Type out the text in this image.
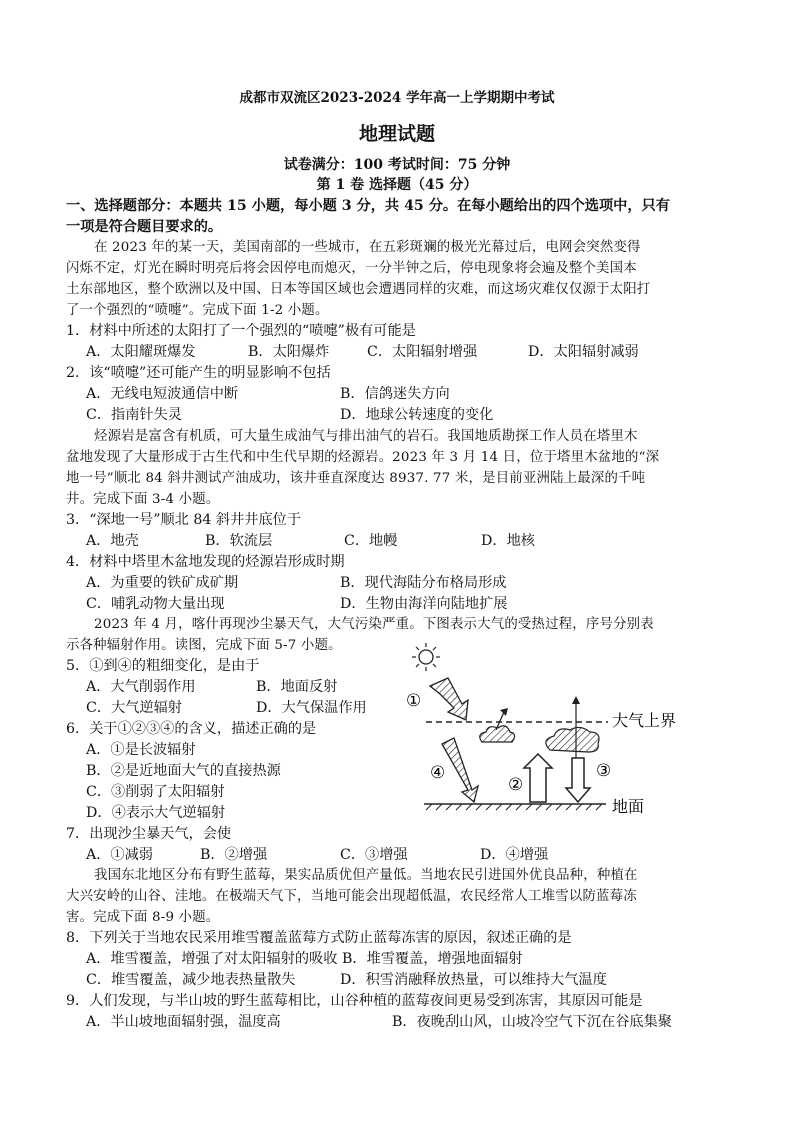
成都市双流区2023-2024 学年高一上学期期中考试
地理试题
试卷满分：100 考试时间：75 分钟
第 1 卷 选择题（45 分）
一、选择题部分：本题共 15 小题，每小题 3 分，共 45 分。在每小题给出的四个选项中，只有
一项是符合题目要求的。
在 2023 年的某一天，美国南部的一些城市，在五彩斑斓的极光光幕过后，电网会突然变得
闪烁不定，灯光在瞬时明亮后将会因停电而熄灭，一分半钟之后，停电现象将会遍及整个美国本
土东部地区，整个欧洲以及中国、日本等国区域也会遭遇同样的灾难，而这场灾难仅仅源于太阳打
了一个强烈的“喷嚏”。完成下面 1-2 小题。
1．材料中所述的太阳打了一个强烈的“喷嚏”极有可能是
A．太阳耀斑爆发	B．太阳爆炸	C．太阳辐射增强	D．太阳辐射减弱
2．该“喷嚏”还可能产生的明显影响不包括
A．无线电短波通信中断	B．信鸽迷失方向
C．指南针失灵	D．地球公转速度的变化
烃源岩是富含有机质，可大量生成油气与排出油气的岩石。我国地质勘探工作人员在塔里木
盆地发现了大量形成于古生代和中生代早期的烃源岩。2023 年 3 月 14 日，位于塔里木盆地的“深
地一号”顺北 84 斜井测试产油成功，该井垂直深度达 8937. 77 米，是目前亚洲陆上最深的千吨
井。完成下面 3-4 小题。
3．“深地一号”顺北 84 斜井井底位于
A．地壳	B．软流层	C．地幔	D．地核
4．材料中塔里木盆地发现的烃源岩形成时期
A．为重要的铁矿成矿期	B．现代海陆分布格局形成
C．哺乳动物大量出现	D．生物由海洋向陆地扩展
2023 年 4 月，喀什再现沙尘暴天气，大气污染严重。下图表示大气的受热过程，序号分别表
示各种辐射作用。读图，完成下面 5-7 小题。
5．①到④的粗细变化，是由于
A．大气削弱作用	B．地面反射
C．大气逆辐射	D．大气保温作用
6．关于①②③④的含义，描述正确的是
A．①是长波辐射
B．②是近地面大气的直接热源
C．③削弱了太阳辐射
D．④表示大气逆辐射
①
大气上界
④
②
③
地面
7．出现沙尘暴天气，会使
A．①减弱	B．②增强	C．③增强	D．④增强
我国东北地区分布有野生蓝莓，果实品质优但产量低。当地农民引进国外优良品种，种植在
大兴安岭的山谷、洼地。在极端天气下，当地可能会出现超低温，农民经常人工堆雪以防蓝莓冻
害。完成下面 8-9 小题。
8．下列关于当地农民采用堆雪覆盖蓝莓方式防止蓝莓冻害的原因，叙述正确的是
A．堆雪覆盖，增强了对太阳辐射的吸收 B．堆雪覆盖，增强地面辐射
C．堆雪覆盖，减少地表热量散失	D．积雪消融释放热量，可以维持大气温度
9．人们发现，与半山坡的野生蓝莓相比，山谷种植的蓝莓夜间更易受到冻害，其原因可能是
A．半山坡地面辐射强，温度高	B．夜晚刮山风，山坡冷空气下沉在谷底集聚
